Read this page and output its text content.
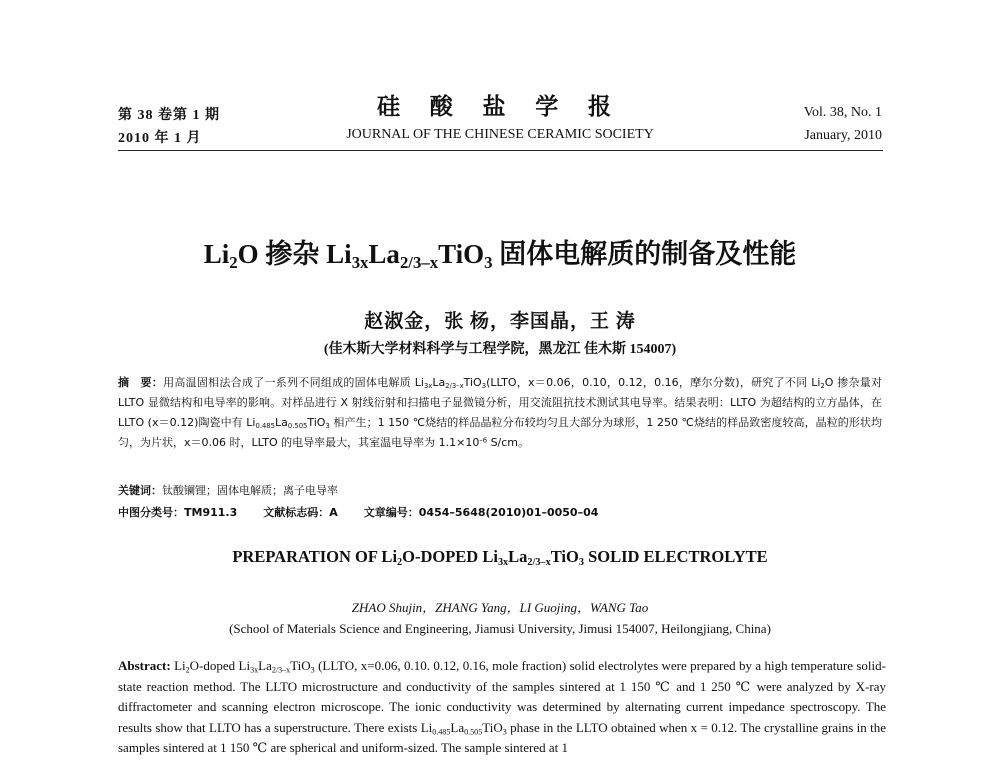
第 38 卷第 1 期
2010 年 1 月
硅 酸 盐 学 报
JOURNAL OF THE CHINESE CERAMIC SOCIETY
Vol. 38, No. 1
January, 2010
$Li_2O$ 掺杂 $Li_{3x}La_{2/3-x}TiO_3$ 固体电解质的制备及性能
赵淑金，张 杨，李国晶，王 涛
(佳木斯大学材料科学与工程学院，黑龙江 佳木斯 154007)
摘　要：用高温固相法合成了一系列不同组成的固体电解质 $Li_{3x}La_{2/3-x}TiO_3(LLTO$，x＝0.06，0.10，0.12，0.16，摩尔分数)，研究了不同 $Li_2O$ 掺杂量对 LLTO 显微结构和电导率的影响。对样品进行 X 射线衍射和扫描电子显微镜分析，用交流阻抗技术测试其电导率。结果表明：LLTO 为超结构的立方晶体，在 LLTO (x＝0.12)陶瓷中有 $Li_{0.485}La_{0.505}TiO_3$ 相产生；1 150 ℃烧结的样品晶粒分布较均匀且大部分为球形，1 250 ℃烧结的样品致密度较高，晶粒的形状均匀，为片状，x＝0.06 时，LLTO 的电导率最大，其室温电导率为 $1.1\times 10^{-6}$ S/cm。
关键词：钛酸镧锂；固体电解质；离子电导率
中图分类号：TM911.3 文献标志码：A 文章编号：0454–5648(2010)01–0050–04
PREPARATION OF $Li_2O$-DOPED $Li_{3x}La_{2/3-x}TiO_3$ SOLID ELECTROLYTE
ZHAO Shujin，ZHANG Yang，LI Guojing，WANG Tao
(School of Materials Science and Engineering, Jiamusi University, Jimusi 154007, Heilongjiang, China)
Abstract: $Li_2O$-doped $Li_{3x}La_{2/3-x}TiO_3$ (LLTO, x=0.06, 0.10. 0.12, 0.16, mole fraction) solid electrolytes were prepared by a high temperature solid-state reaction method. The LLTO microstructure and conductivity of the samples sintered at 1 150 ℃ and 1 250 ℃ were analyzed by X-ray diffractometer and scanning electron microscope. The ionic conductivity was determined by alternating current impedance spectroscopy. The results show that LLTO has a superstructure. There exists $Li_{0.485}La_{0.505}TiO_3$ phase in the LLTO obtained when x = 0.12. The crystalline grains in the samples sintered at 1 150 ℃ are spherical and uniform-sized. The sample sintered at 1
